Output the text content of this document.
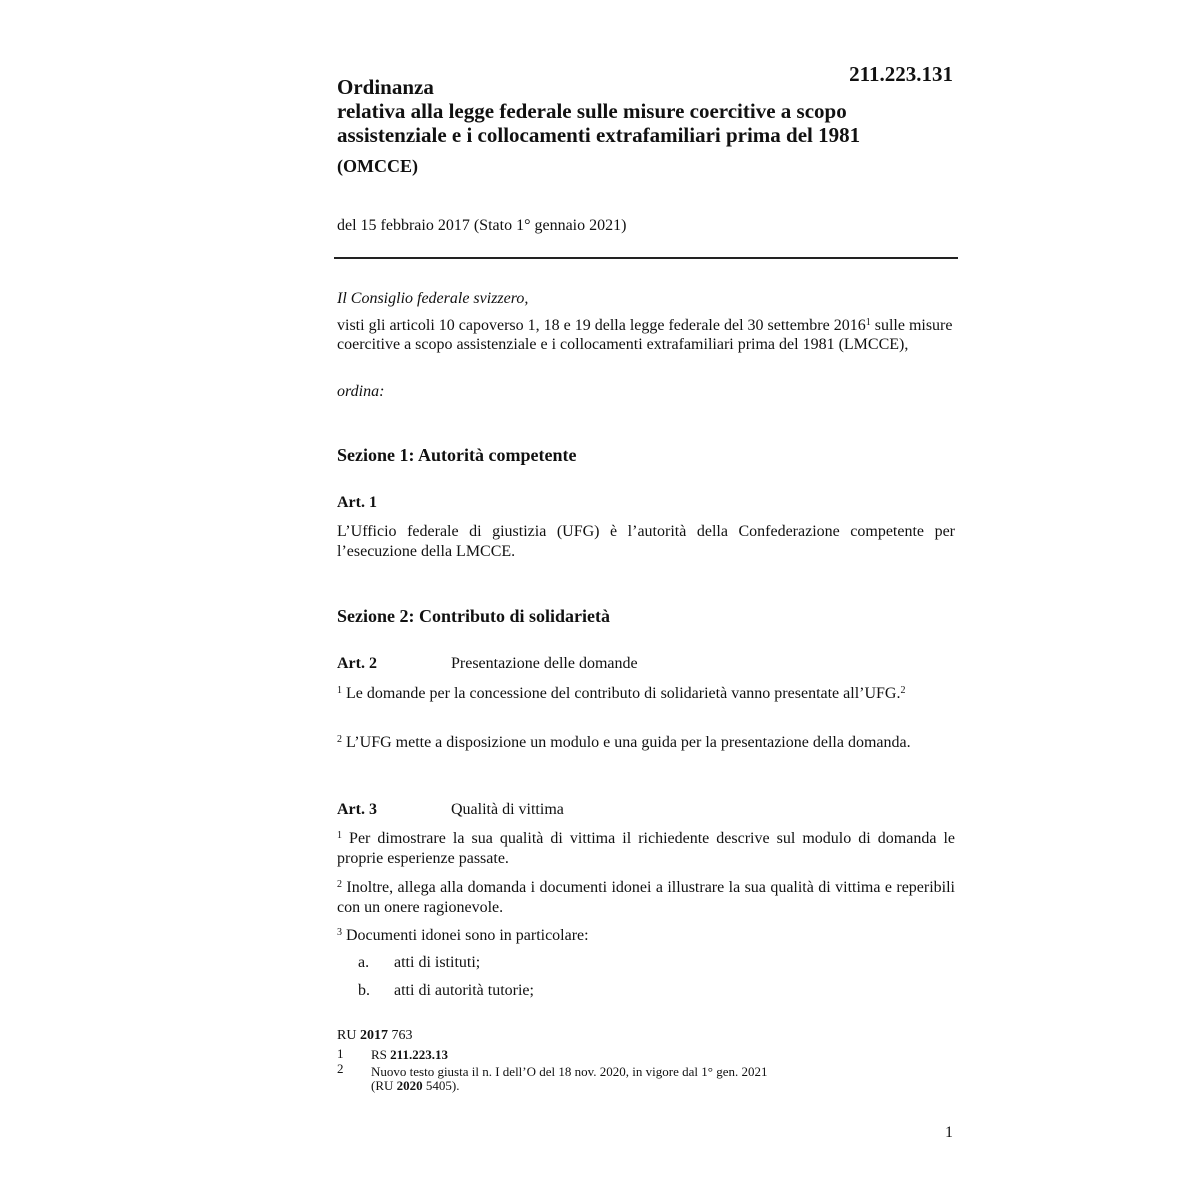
211.223.131
Ordinanza
relativa alla legge federale sulle misure coercitive a scopo assistenziale e i collocamenti extrafamiliari prima del 1981
(OMCCE)
del 15 febbraio 2017 (Stato 1° gennaio 2021)
Il Consiglio federale svizzero,
visti gli articoli 10 capoverso 1, 18 e 19 della legge federale del 30 settembre 2016$^1$ sulle misure coercitive a scopo assistenziale e i collocamenti extrafamiliari prima del 1981 (LMCCE),
ordina:
Sezione 1: Autorità competente
Art. 1
L’Ufficio federale di giustizia (UFG) è l’autorità della Confederazione competente per l’esecuzione della LMCCE.
Sezione 2: Contributo di solidarietà
Art. 2	Presentazione delle domande
$^1$ Le domande per la concessione del contributo di solidarietà vanno presentate all’UFG.$^2$
$^2$ L’UFG mette a disposizione un modulo e una guida per la presentazione della domanda.
Art. 3	Qualità di vittima
$^1$ Per dimostrare la sua qualità di vittima il richiedente descrive sul modulo di domanda le proprie esperienze passate.
$^2$ Inoltre, allega alla domanda i documenti idonei a illustrare la sua qualità di vittima e reperibili con un onere ragionevole.
$^3$ Documenti idonei sono in particolare:
a. atti di istituti;
b. atti di autorità tutorie;
RU 2017 763
1 RS 211.223.13
2 Nuovo testo giusta il n. I dell’O del 18 nov. 2020, in vigore dal 1° gen. 2021
(RU 2020 5405).
1
